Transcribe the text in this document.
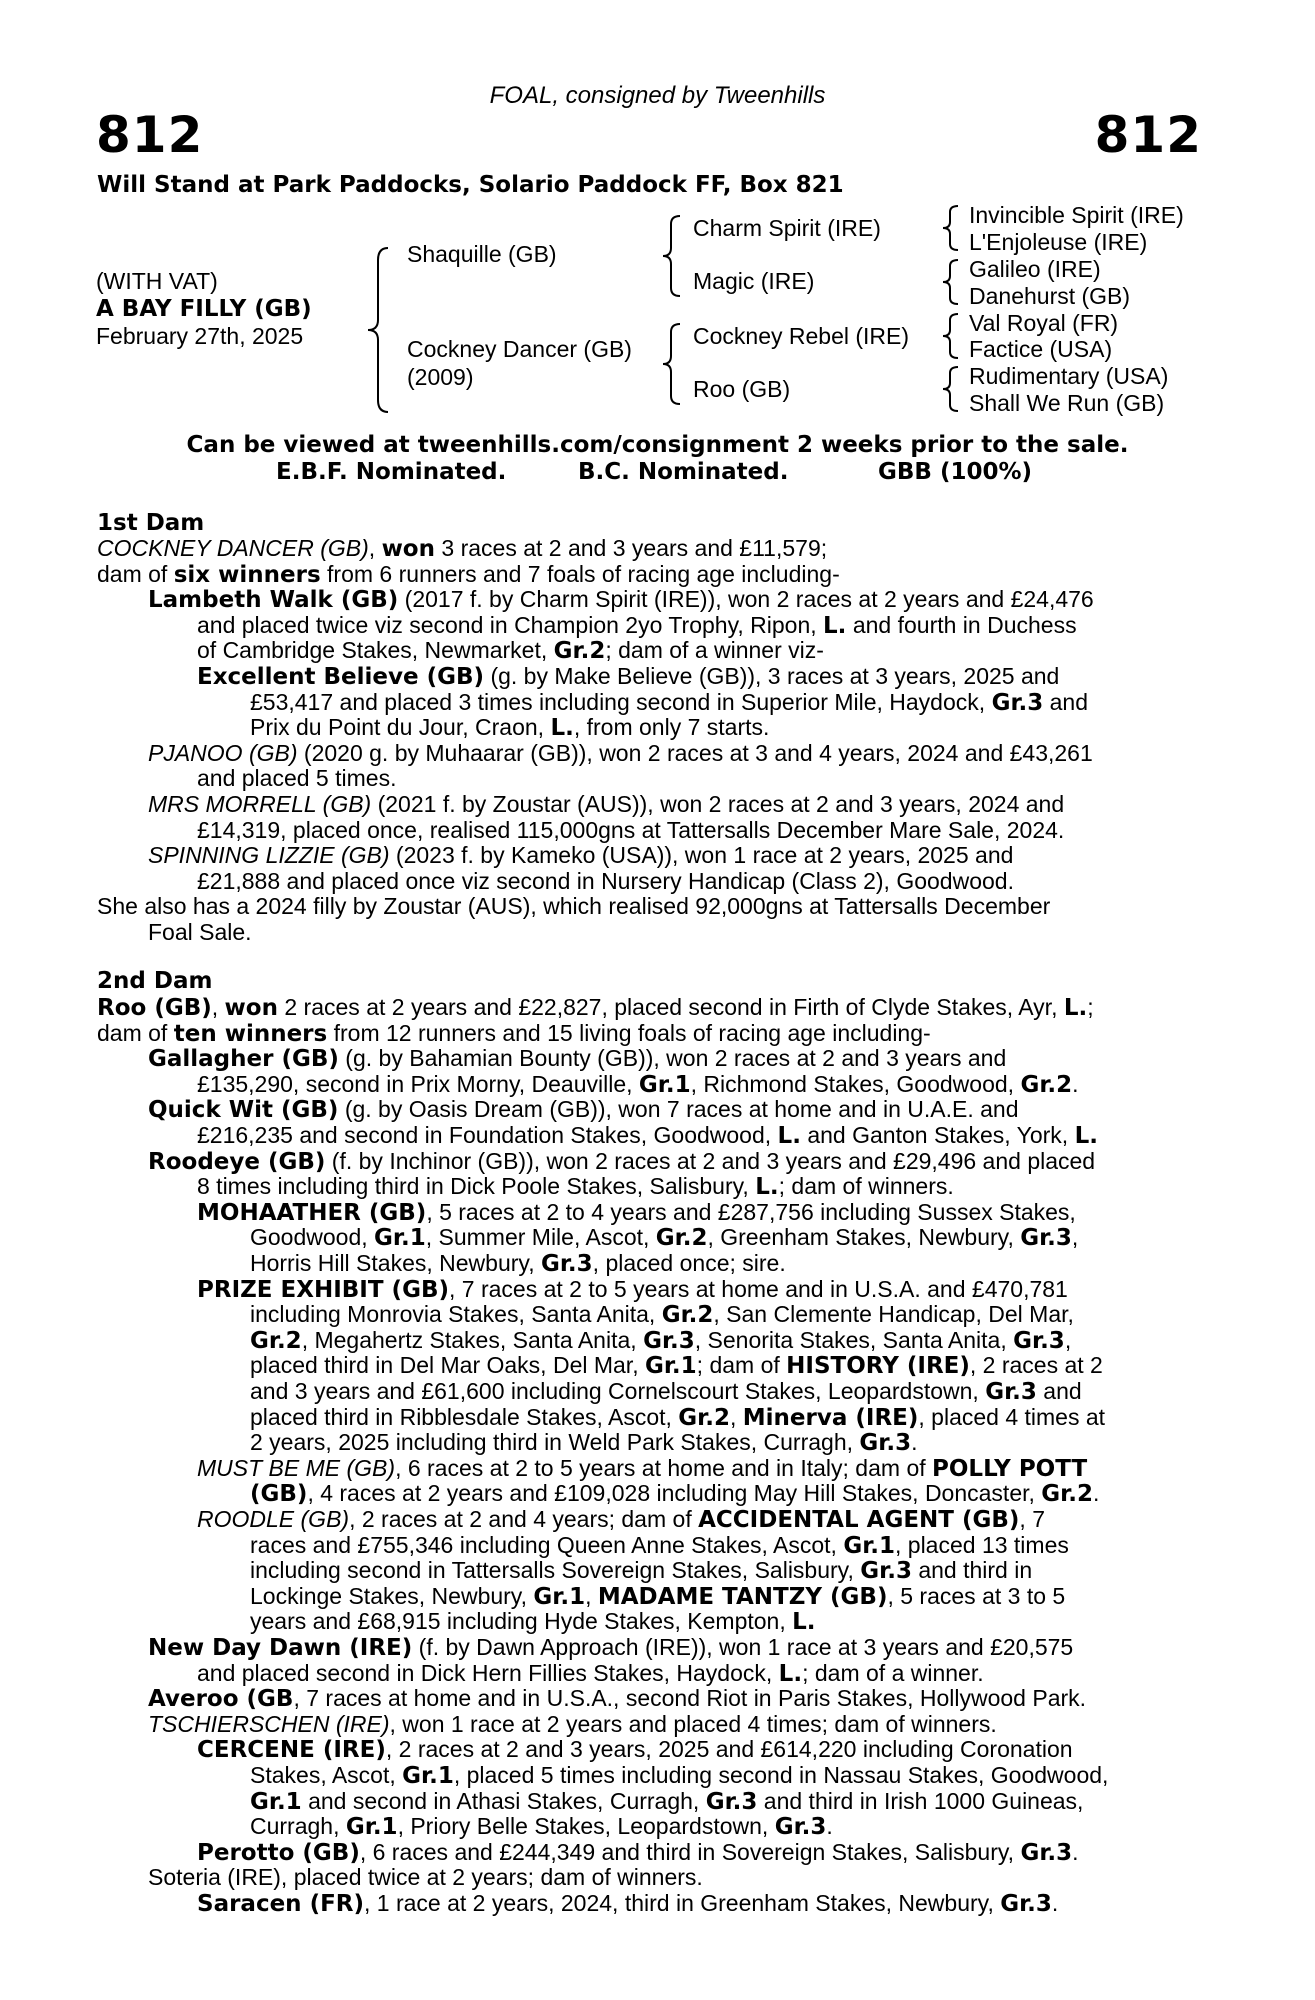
FOAL, consigned by Tweenhills
812	812
Will Stand at Park Paddocks, Solario Paddock FF, Box 821
(WITH VAT)
A BAY FILLY (GB)
February 27th, 2025
Shaquille (GB)
Cockney Dancer (GB)
(2009)
Charm Spirit (IRE)
Magic (IRE)
Cockney Rebel (IRE)
Roo (GB)
Invincible Spirit (IRE)
L'Enjoleuse (IRE)
Galileo (IRE)
Danehurst (GB)
Val Royal (FR)
Factice (USA)
Rudimentary (USA)
Shall We Run (GB)
Can be viewed at tweenhills.com/consignment 2 weeks prior to the sale.
E.B.F. Nominated.	B.C. Nominated.	GBB (100%)
1st Dam
COCKNEY DANCER (GB), won 3 races at 2 and 3 years and £11,579;
dam of six winners from 6 runners and 7 foals of racing age including-
Lambeth Walk (GB) (2017 f. by Charm Spirit (IRE)), won 2 races at 2 years and £24,476
and placed twice viz second in Champion 2yo Trophy, Ripon, L. and fourth in Duchess
of Cambridge Stakes, Newmarket, Gr.2; dam of a winner viz-
Excellent Believe (GB) (g. by Make Believe (GB)), 3 races at 3 years, 2025 and
£53,417 and placed 3 times including second in Superior Mile, Haydock, Gr.3 and
Prix du Point du Jour, Craon, L., from only 7 starts.
PJANOO (GB) (2020 g. by Muhaarar (GB)), won 2 races at 3 and 4 years, 2024 and £43,261
and placed 5 times.
MRS MORRELL (GB) (2021 f. by Zoustar (AUS)), won 2 races at 2 and 3 years, 2024 and
£14,319, placed once, realised 115,000gns at Tattersalls December Mare Sale, 2024.
SPINNING LIZZIE (GB) (2023 f. by Kameko (USA)), won 1 race at 2 years, 2025 and
£21,888 and placed once viz second in Nursery Handicap (Class 2), Goodwood.
She also has a 2024 filly by Zoustar (AUS), which realised 92,000gns at Tattersalls December
Foal Sale.
2nd Dam
Roo (GB), won 2 races at 2 years and £22,827, placed second in Firth of Clyde Stakes, Ayr, L.;
dam of ten winners from 12 runners and 15 living foals of racing age including-
Gallagher (GB) (g. by Bahamian Bounty (GB)), won 2 races at 2 and 3 years and
£135,290, second in Prix Morny, Deauville, Gr.1, Richmond Stakes, Goodwood, Gr.2.
Quick Wit (GB) (g. by Oasis Dream (GB)), won 7 races at home and in U.A.E. and
£216,235 and second in Foundation Stakes, Goodwood, L. and Ganton Stakes, York, L.
Roodeye (GB) (f. by Inchinor (GB)), won 2 races at 2 and 3 years and £29,496 and placed
8 times including third in Dick Poole Stakes, Salisbury, L.; dam of winners.
MOHAATHER (GB), 5 races at 2 to 4 years and £287,756 including Sussex Stakes,
Goodwood, Gr.1, Summer Mile, Ascot, Gr.2, Greenham Stakes, Newbury, Gr.3,
Horris Hill Stakes, Newbury, Gr.3, placed once; sire.
PRIZE EXHIBIT (GB), 7 races at 2 to 5 years at home and in U.S.A. and £470,781
including Monrovia Stakes, Santa Anita, Gr.2, San Clemente Handicap, Del Mar,
Gr.2, Megahertz Stakes, Santa Anita, Gr.3, Senorita Stakes, Santa Anita, Gr.3,
placed third in Del Mar Oaks, Del Mar, Gr.1; dam of HISTORY (IRE), 2 races at 2
and 3 years and £61,600 including Cornelscourt Stakes, Leopardstown, Gr.3 and
placed third in Ribblesdale Stakes, Ascot, Gr.2, Minerva (IRE), placed 4 times at
2 years, 2025 including third in Weld Park Stakes, Curragh, Gr.3.
MUST BE ME (GB), 6 races at 2 to 5 years at home and in Italy; dam of POLLY POTT
(GB), 4 races at 2 years and £109,028 including May Hill Stakes, Doncaster, Gr.2.
ROODLE (GB), 2 races at 2 and 4 years; dam of ACCIDENTAL AGENT (GB), 7
races and £755,346 including Queen Anne Stakes, Ascot, Gr.1, placed 13 times
including second in Tattersalls Sovereign Stakes, Salisbury, Gr.3 and third in
Lockinge Stakes, Newbury, Gr.1, MADAME TANTZY (GB), 5 races at 3 to 5
years and £68,915 including Hyde Stakes, Kempton, L.
New Day Dawn (IRE) (f. by Dawn Approach (IRE)), won 1 race at 3 years and £20,575
and placed second in Dick Hern Fillies Stakes, Haydock, L.; dam of a winner.
Averoo (GB, 7 races at home and in U.S.A., second Riot in Paris Stakes, Hollywood Park.
TSCHIERSCHEN (IRE), won 1 race at 2 years and placed 4 times; dam of winners.
CERCENE (IRE), 2 races at 2 and 3 years, 2025 and £614,220 including Coronation
Stakes, Ascot, Gr.1, placed 5 times including second in Nassau Stakes, Goodwood,
Gr.1 and second in Athasi Stakes, Curragh, Gr.3 and third in Irish 1000 Guineas,
Curragh, Gr.1, Priory Belle Stakes, Leopardstown, Gr.3.
Perotto (GB), 6 races and £244,349 and third in Sovereign Stakes, Salisbury, Gr.3.
Soteria (IRE), placed twice at 2 years; dam of winners.
Saracen (FR), 1 race at 2 years, 2024, third in Greenham Stakes, Newbury, Gr.3.
